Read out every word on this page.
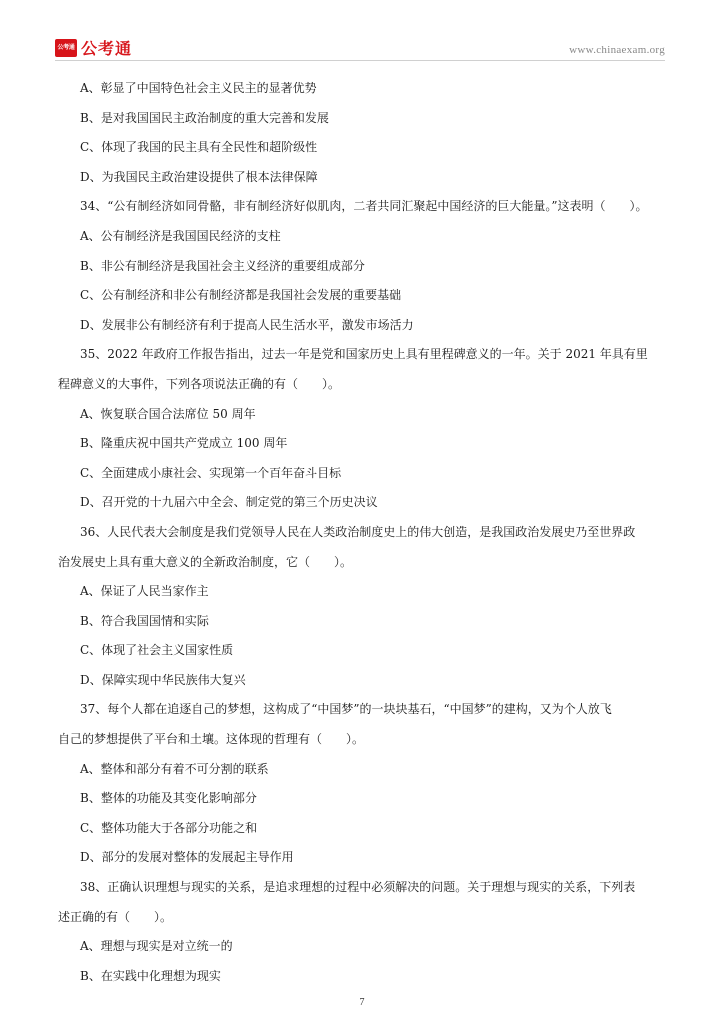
公考通 公考通	www.chinaexam.org
A、彰显了中国特色社会主义民主的显著优势
B、是对我国国民主政治制度的重大完善和发展
C、体现了我国的民主具有全民性和超阶级性
D、为我国民主政治建设提供了根本法律保障
34、“公有制经济如同骨骼，非有制经济好似肌肉，二者共同汇聚起中国经济的巨大能量。”这表明（　　）。
A、公有制经济是我国国民经济的支柱
B、非公有制经济是我国社会主义经济的重要组成部分
C、公有制经济和非公有制经济都是我国社会发展的重要基础
D、发展非公有制经济有利于提高人民生活水平，激发市场活力
35、2022 年政府工作报告指出，过去一年是党和国家历史上具有里程碑意义的一年。关于 2021 年具有里
程碑意义的大事件，下列各项说法正确的有（　　）。
A、恢复联合国合法席位 50 周年
B、隆重庆祝中国共产党成立 100 周年
C、全面建成小康社会、实现第一个百年奋斗目标
D、召开党的十九届六中全会、制定党的第三个历史决议
36、人民代表大会制度是我们党领导人民在人类政治制度史上的伟大创造，是我国政治发展史乃至世界政
治发展史上具有重大意义的全新政治制度，它（　　）。
A、保证了人民当家作主
B、符合我国国情和实际
C、体现了社会主义国家性质
D、保障实现中华民族伟大复兴
37、每个人都在追逐自己的梦想，这构成了“中国梦”的一块块基石，“中国梦”的建构，又为个人放飞
自己的梦想提供了平台和土壤。这体现的哲理有（　　）。
A、整体和部分有着不可分割的联系
B、整体的功能及其变化影响部分
C、整体功能大于各部分功能之和
D、部分的发展对整体的发展起主导作用
38、正确认识理想与现实的关系，是追求理想的过程中必须解决的问题。关于理想与现实的关系，下列表
述正确的有（　　）。
A、理想与现实是对立统一的
B、在实践中化理想为现实
7
